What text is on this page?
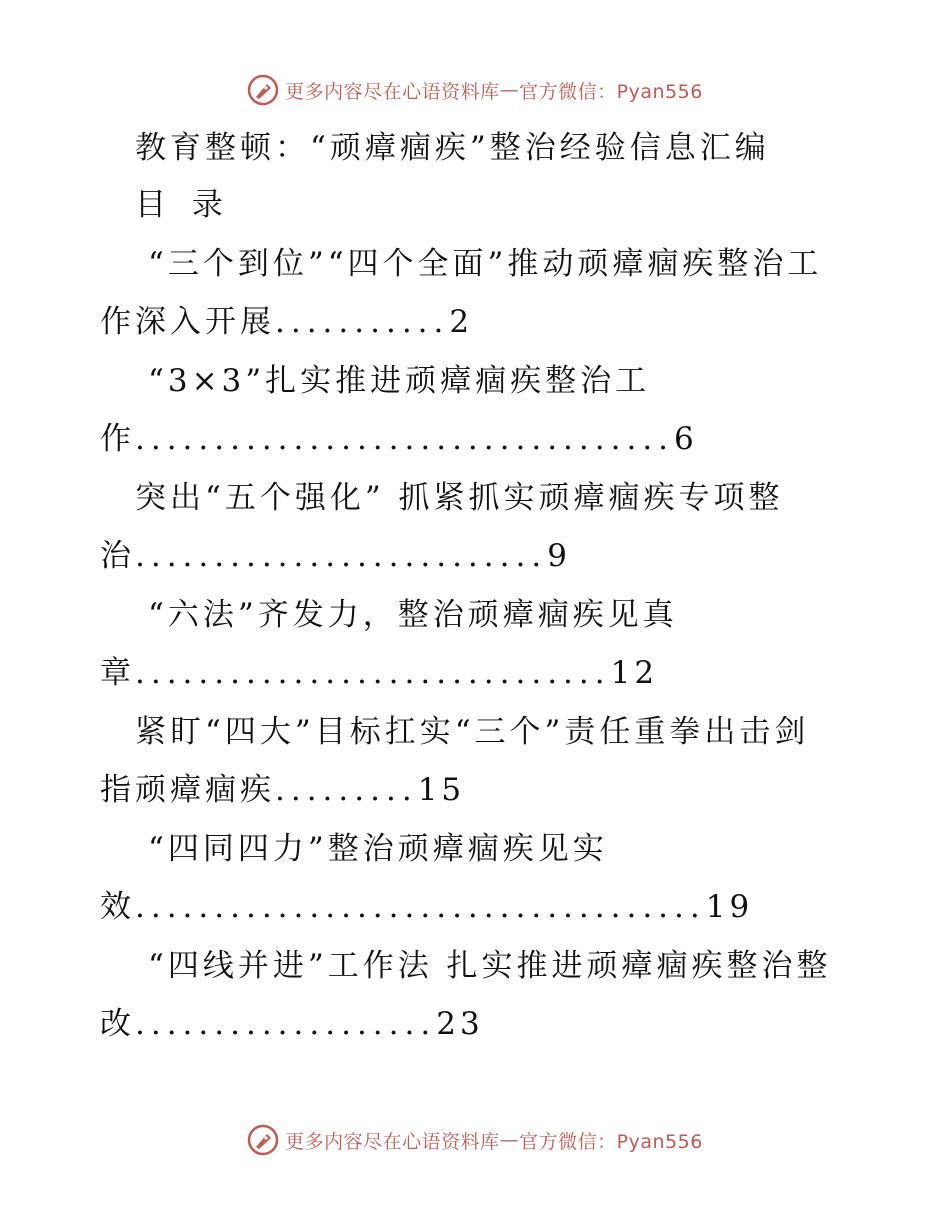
更多内容尽在心语资料库 — 官方微信：Pyan556
教育整顿：“顽瘴痼疾”整治经验信息汇编
目 录
“三个到位”“四个全面”推动顽瘴痼疾整治工
作深入开展...........2
“3×3”扎实推进顽瘴痼疾整治工
作..................................6
突出“五个强化” 抓紧抓实顽瘴痼疾专项整
治..........................9
“六法”齐发力，整治顽瘴痼疾见真
章..............................12
紧盯“四大”目标扛实“三个”责任重拳出击剑
指顽瘴痼疾.........15
“四同四力”整治顽瘴痼疾见实
效....................................19
“四线并进”工作法 扎实推进顽瘴痼疾整治整
改...................23
更多内容尽在心语资料库 — 官方微信：Pyan556
